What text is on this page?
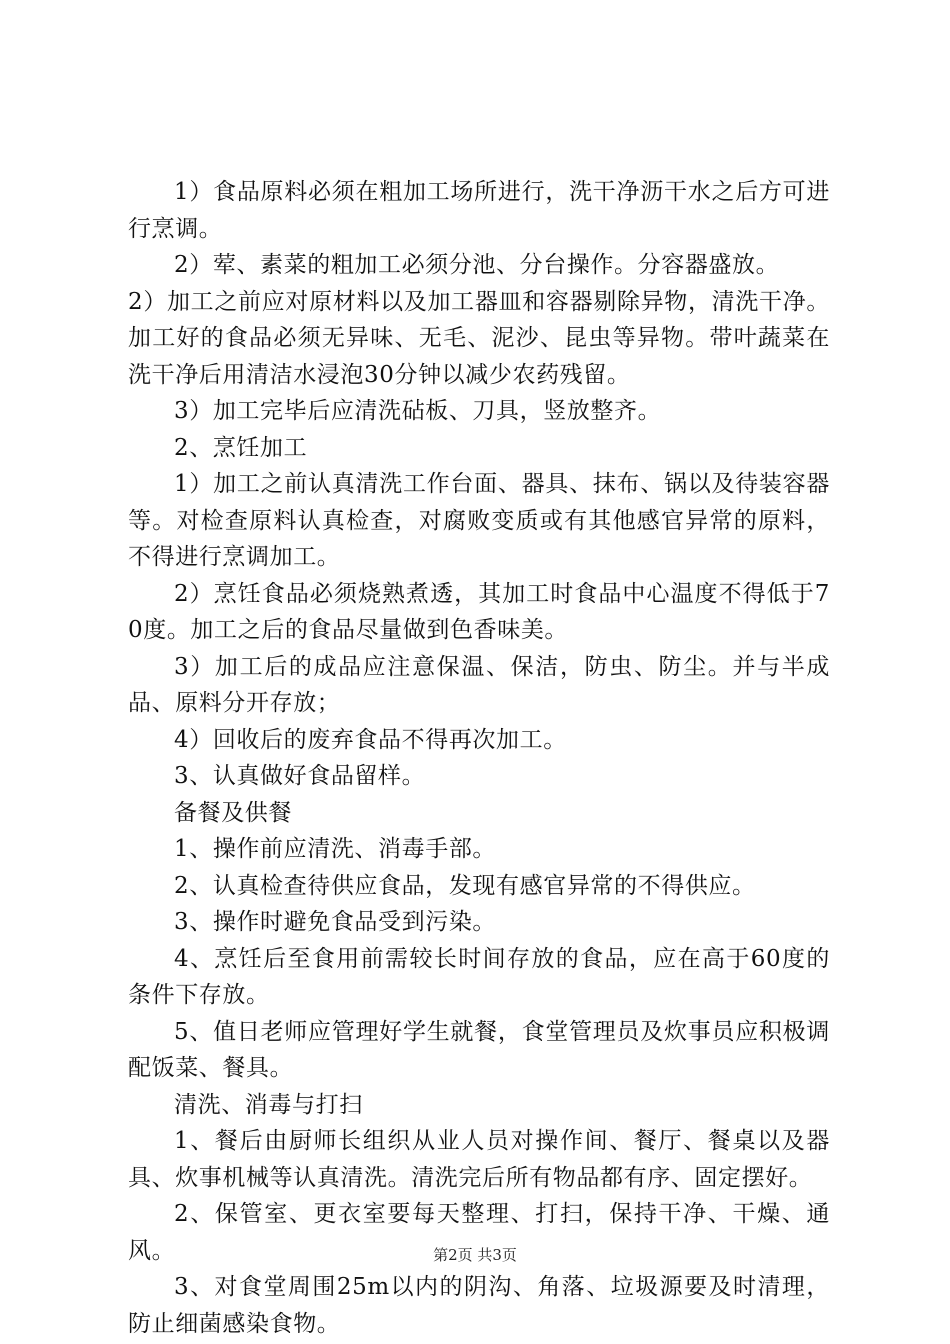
1）食品原料必须在粗加工场所进行，洗干净沥干水之后方可进行烹调。

2）荤、素菜的粗加工必须分池、分台操作。分容器盛放。

2）加工之前应对原材料以及加工器皿和容器剔除异物，清洗干净。加工好的食品必须无异味、无毛、泥沙、昆虫等异物。带叶蔬菜在洗干净后用清洁水浸泡30分钟以减少农药残留。

3）加工完毕后应清洗砧板、刀具，竖放整齐。

2、烹饪加工

1）加工之前认真清洗工作台面、器具、抹布、锅以及待装容器等。对检查原料认真检查，对腐败变质或有其他感官异常的原料，不得进行烹调加工。

2）烹饪食品必须烧熟煮透，其加工时食品中心温度不得低于70度。加工之后的食品尽量做到色香味美。

3）加工后的成品应注意保温、保洁，防虫、防尘。并与半成品、原料分开存放；

4）回收后的废弃食品不得再次加工。

3、认真做好食品留样。

备餐及供餐

1、操作前应清洗、消毒手部。

2、认真检查待供应食品，发现有感官异常的不得供应。

3、操作时避免食品受到污染。

4、烹饪后至食用前需较长时间存放的食品，应在高于60度的条件下存放。

5、值日老师应管理好学生就餐，食堂管理员及炊事员应积极调配饭菜、餐具。

清洗、消毒与打扫

1、餐后由厨师长组织从业人员对操作间、餐厅、餐桌以及器具、炊事机械等认真清洗。清洗完后所有物品都有序、固定摆好。

2、保管室、更衣室要每天整理、打扫，保持干净、干燥、通风。

3、对食堂周围25m以内的阴沟、角落、垃圾源要及时清理，防止细菌感染食物。

第2页 共3页
